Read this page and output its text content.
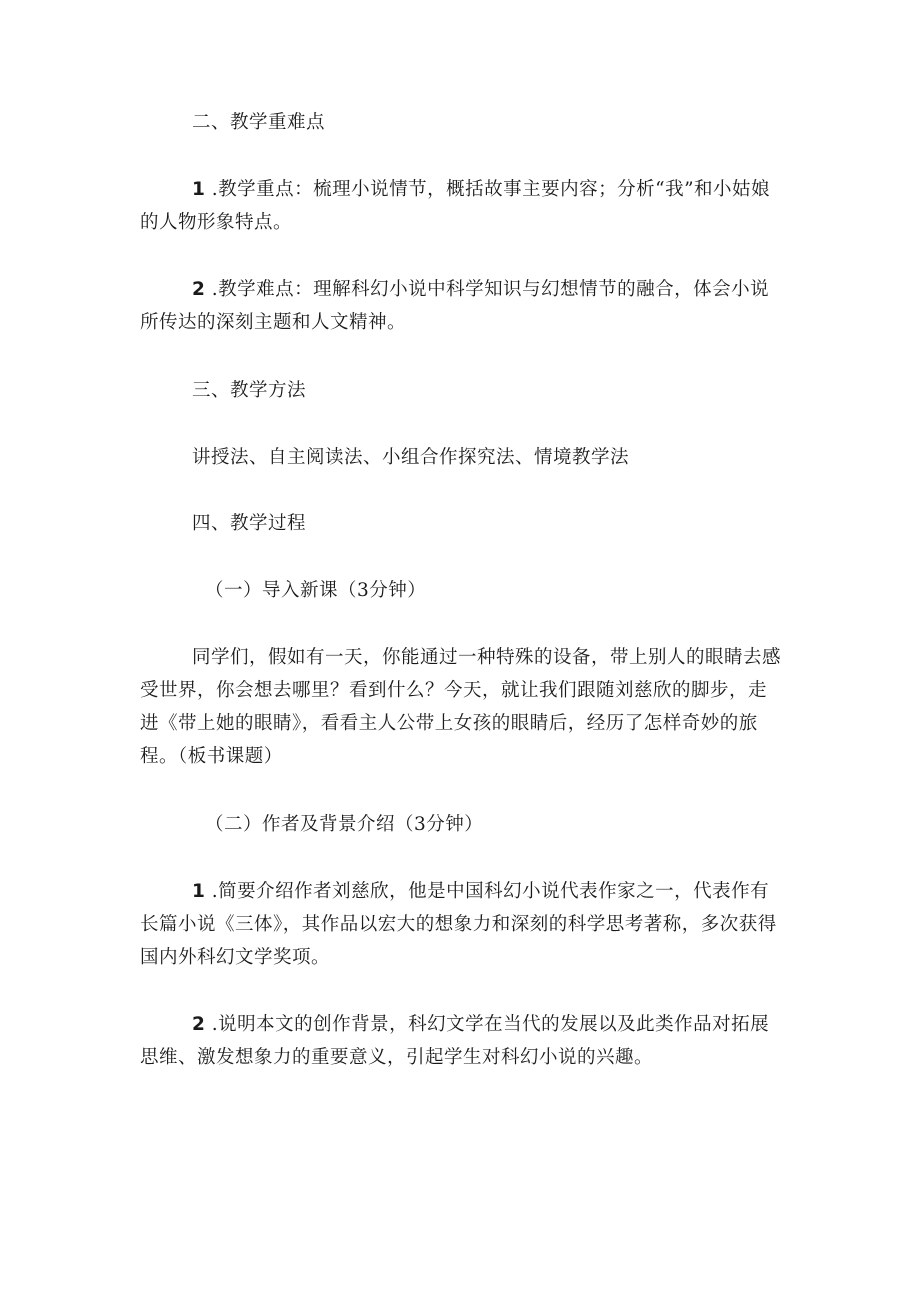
二、教学重难点
1 .教学重点：梳理小说情节，概括故事主要内容；分析“我”和小姑娘的人物形象特点。
2 .教学难点：理解科幻小说中科学知识与幻想情节的融合，体会小说所传达的深刻主题和人文精神。
三、教学方法
讲授法、自主阅读法、小组合作探究法、情境教学法
四、教学过程
（一）导入新课（3分钟）
同学们，假如有一天，你能通过一种特殊的设备，带上别人的眼睛去感受世界，你会想去哪里？看到什么？今天，就让我们跟随刘慈欣的脚步，走进《带上她的眼睛》，看看主人公带上女孩的眼睛后，经历了怎样奇妙的旅程。（板书课题）
（二）作者及背景介绍（3分钟）
1 .简要介绍作者刘慈欣，他是中国科幻小说代表作家之一，代表作有长篇小说《三体》，其作品以宏大的想象力和深刻的科学思考著称，多次获得国内外科幻文学奖项。
2 .说明本文的创作背景，科幻文学在当代的发展以及此类作品对拓展思维、激发想象力的重要意义，引起学生对科幻小说的兴趣。
